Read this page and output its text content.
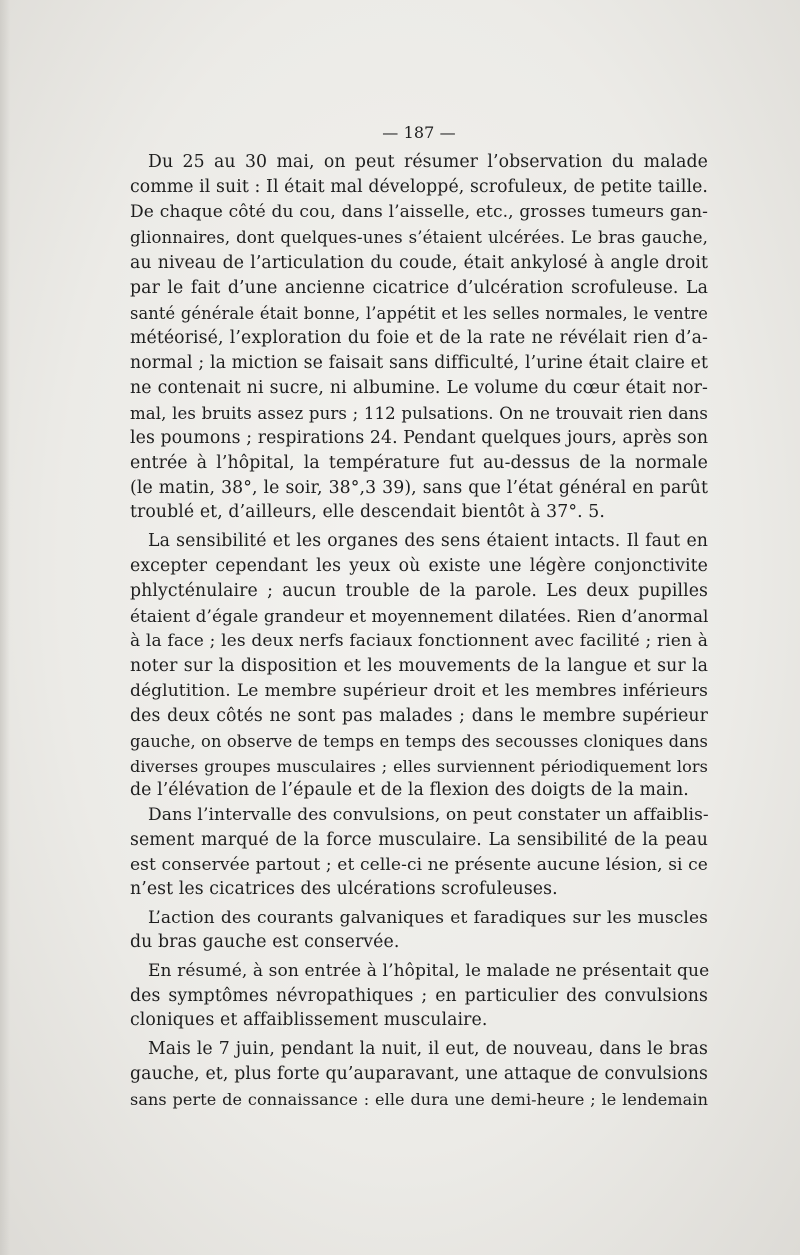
— 187 —
Du 25 au 30 mai, on peut résumer l’observation du malade
comme il suit : Il était mal développé, scrofuleux, de petite taille.
De chaque côté du cou, dans l’aisselle, etc., grosses tumeurs gan-
glionnaires, dont quelques-unes s’étaient ulcérées. Le bras gauche,
au niveau de l’articulation du coude, était ankylosé à angle droit
par le fait d’une ancienne cicatrice d’ulcération scrofuleuse. La
santé générale était bonne, l’appétit et les selles normales, le ventre
météorisé, l’exploration du foie et de la rate ne révélait rien d’a-
normal ; la miction se faisait sans difficulté, l’urine était claire et
ne contenait ni sucre, ni albumine. Le volume du cœur était nor-
mal, les bruits assez purs ; 112 pulsations. On ne trouvait rien dans
les poumons ; respirations 24. Pendant quelques jours, après son
entrée à l’hôpital, la température fut au-dessus de la normale
(le matin, 38°, le soir, 38°,3 39), sans que l’état général en parût
troublé et, d’ailleurs, elle descendait bientôt à 37°. 5.
La sensibilité et les organes des sens étaient intacts. Il faut en
excepter cependant les yeux où existe une légère conjonctivite
phlycténulaire ; aucun trouble de la parole. Les deux pupilles
étaient d’égale grandeur et moyennement dilatées. Rien d’anormal
à la face ; les deux nerfs faciaux fonctionnent avec facilité ; rien à
noter sur la disposition et les mouvements de la langue et sur la
déglutition. Le membre supérieur droit et les membres inférieurs
des deux côtés ne sont pas malades ; dans le membre supérieur
gauche, on observe de temps en temps des secousses cloniques dans
diverses groupes musculaires ; elles surviennent périodiquement lors
de l’élévation de l’épaule et de la flexion des doigts de la main.
Dans l’intervalle des convulsions, on peut constater un affaiblis-
sement marqué de la force musculaire. La sensibilité de la peau
est conservée partout ; et celle-ci ne présente aucune lésion, si ce
n’est les cicatrices des ulcérations scrofuleuses.
L’action des courants galvaniques et faradiques sur les muscles
du bras gauche est conservée.
En résumé, à son entrée à l’hôpital, le malade ne présentait que
des symptômes névropathiques ; en particulier des convulsions
cloniques et affaiblissement musculaire.
Mais le 7 juin, pendant la nuit, il eut, de nouveau, dans le bras
gauche, et, plus forte qu’auparavant, une attaque de convulsions
sans perte de connaissance : elle dura une demi-heure ; le lendemain
